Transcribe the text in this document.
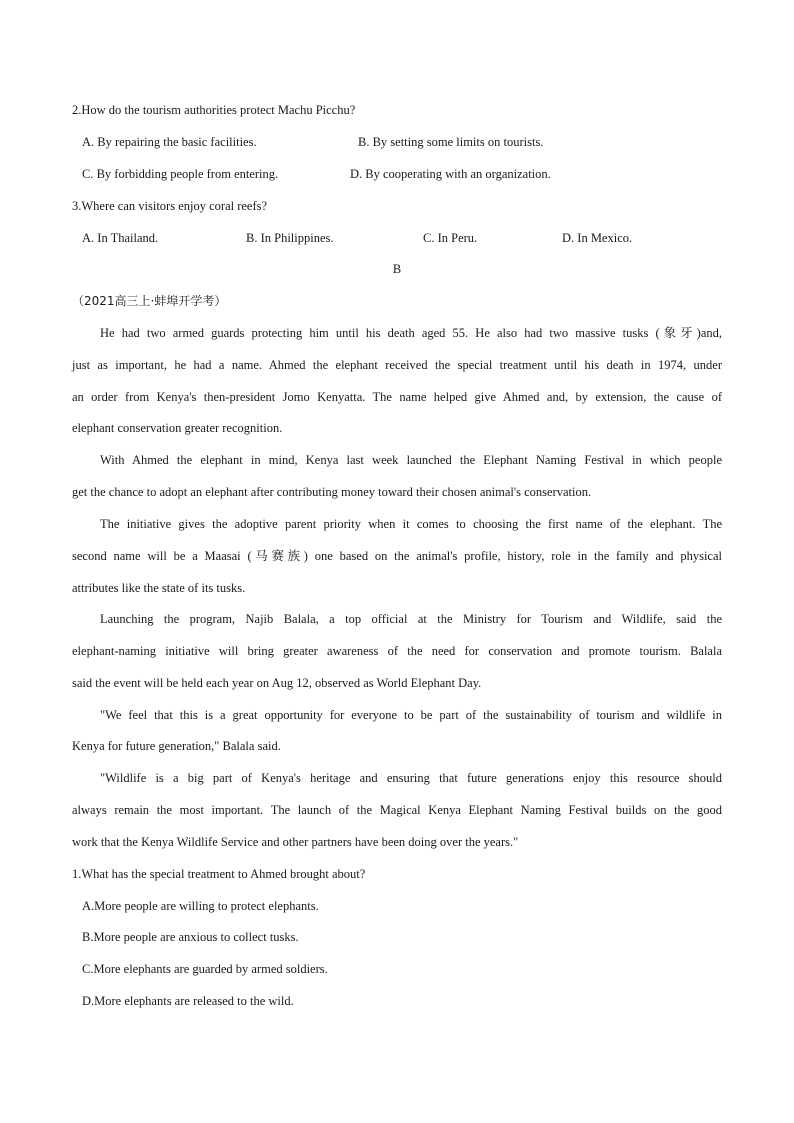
2.How do the tourism authorities protect Machu Picchu?
A. By repairing the basic facilities.	B. By setting some limits on tourists.
C. By forbidding people from entering.	D. By cooperating with an organization.
3.Where can visitors enjoy coral reefs?
A. In Thailand.	B. In Philippines.	C. In Peru.	D. In Mexico.
B
（2021高三上·蚌埠开学考）
He had two armed guards protecting him until his death aged 55. He also had two massive tusks (象牙)and,
just as important, he had a name. Ahmed the elephant received the special treatment until his death in 1974, under
an order from Kenya's then-president Jomo Kenyatta. The name helped give Ahmed and, by extension, the cause of
elephant conservation greater recognition.
With Ahmed the elephant in mind, Kenya last week launched the Elephant Naming Festival in which people
get the chance to adopt an elephant after contributing money toward their chosen animal's conservation.
The initiative gives the adoptive parent priority when it comes to choosing the first name of the elephant. The
second name will be a Maasai (马赛族) one based on the animal's profile, history, role in the family and physical
attributes like the state of its tusks.
Launching the program, Najib Balala, a top official at the Ministry for Tourism and Wildlife, said the
elephant-naming initiative will bring greater awareness of the need for conservation and promote tourism. Balala
said the event will be held each year on Aug 12, observed as World Elephant Day.
"We feel that this is a great opportunity for everyone to be part of the sustainability of tourism and wildlife in
Kenya for future generation," Balala said.
"Wildlife is a big part of Kenya's heritage and ensuring that future generations enjoy this resource should
always remain the most important. The launch of the Magical Kenya Elephant Naming Festival builds on the good
work that the Kenya Wildlife Service and other partners have been doing over the years."
1.What has the special treatment to Ahmed brought about?
A.More people are willing to protect elephants.
B.More people are anxious to collect tusks.
C.More elephants are guarded by armed soldiers.
D.More elephants are released to the wild.
